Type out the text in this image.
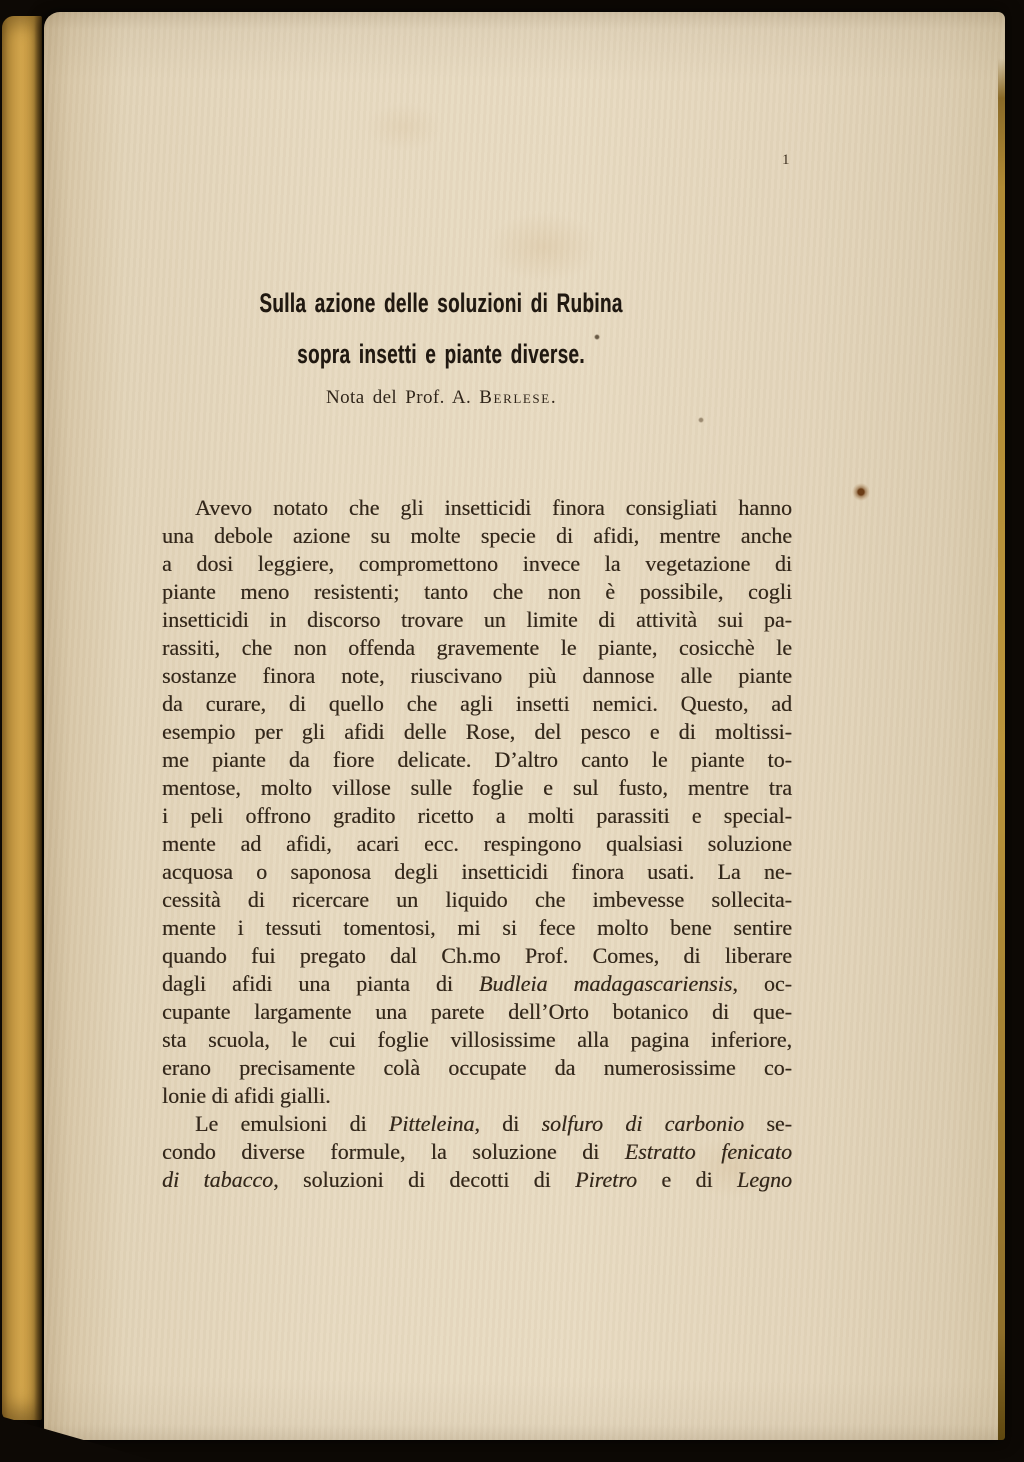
1
Sulla azione delle soluzioni di Rubina
sopra insetti e piante diverse.
Nota del Prof. A. Berlese.
Avevo notato che gli insetticidi finora consigliati hanno
una debole azione su molte specie di afidi, mentre anche
a dosi leggiere, compromettono invece la vegetazione di
piante meno resistenti; tanto che non è possibile, cogli
insetticidi in discorso trovare un limite di attività sui pa-
rassiti, che non offenda gravemente le piante, cosicchè le
sostanze finora note, riuscivano più dannose alle piante
da curare, di quello che agli insetti nemici. Questo, ad
esempio per gli afidi delle Rose, del pesco e di moltissi-
me piante da fiore delicate. D’altro canto le piante to-
mentose, molto villose sulle foglie e sul fusto, mentre tra
i peli offrono gradito ricetto a molti parassiti e special-
mente ad afidi, acari ecc. respingono qualsiasi soluzione
acquosa o saponosa degli insetticidi finora usati. La ne-
cessità di ricercare un liquido che imbevesse sollecita-
mente i tessuti tomentosi, mi si fece molto bene sentire
quando fui pregato dal Ch.mo Prof. Comes, di liberare
dagli afidi una pianta di Budleia madagascariensis, oc-
cupante largamente una parete dell’Orto botanico di que-
sta scuola, le cui foglie villosissime alla pagina inferiore,
erano precisamente colà occupate da numerosissime co-
lonie di afidi gialli.
Le emulsioni di Pitteleina, di solfuro di carbonio se-
condo diverse formule, la soluzione di Estratto fenicato
di tabacco, soluzioni di decotti di Piretro e di Legno
